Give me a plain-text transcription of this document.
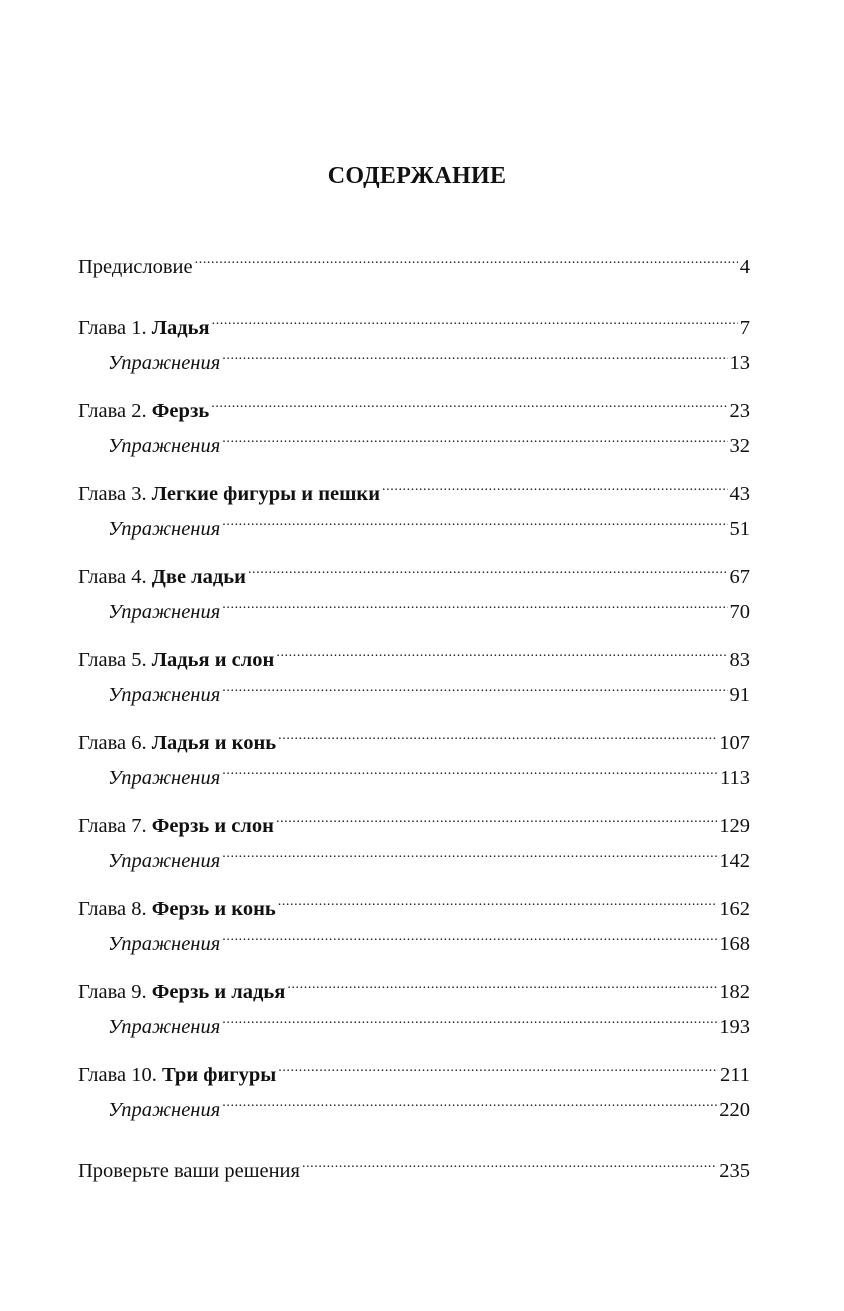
СОДЕРЖАНИЕ
Предисловие .....	4
Глава 1. Ладья .....	7
Упражнения .....	13
Глава 2. Ферзь .....	23
Упражнения .....	32
Глава 3. Легкие фигуры и пешки .....	43
Упражнения .....	51
Глава 4. Две ладьи .....	67
Упражнения .....	70
Глава 5. Ладья и слон .....	83
Упражнения .....	91
Глава 6. Ладья и конь .....	107
Упражнения .....	113
Глава 7. Ферзь и слон .....	129
Упражнения .....	142
Глава 8. Ферзь и конь .....	162
Упражнения .....	168
Глава 9. Ферзь и ладья .....	182
Упражнения .....	193
Глава 10. Три фигуры .....	211
Упражнения .....	220
Проверьте ваши решения .....	235
